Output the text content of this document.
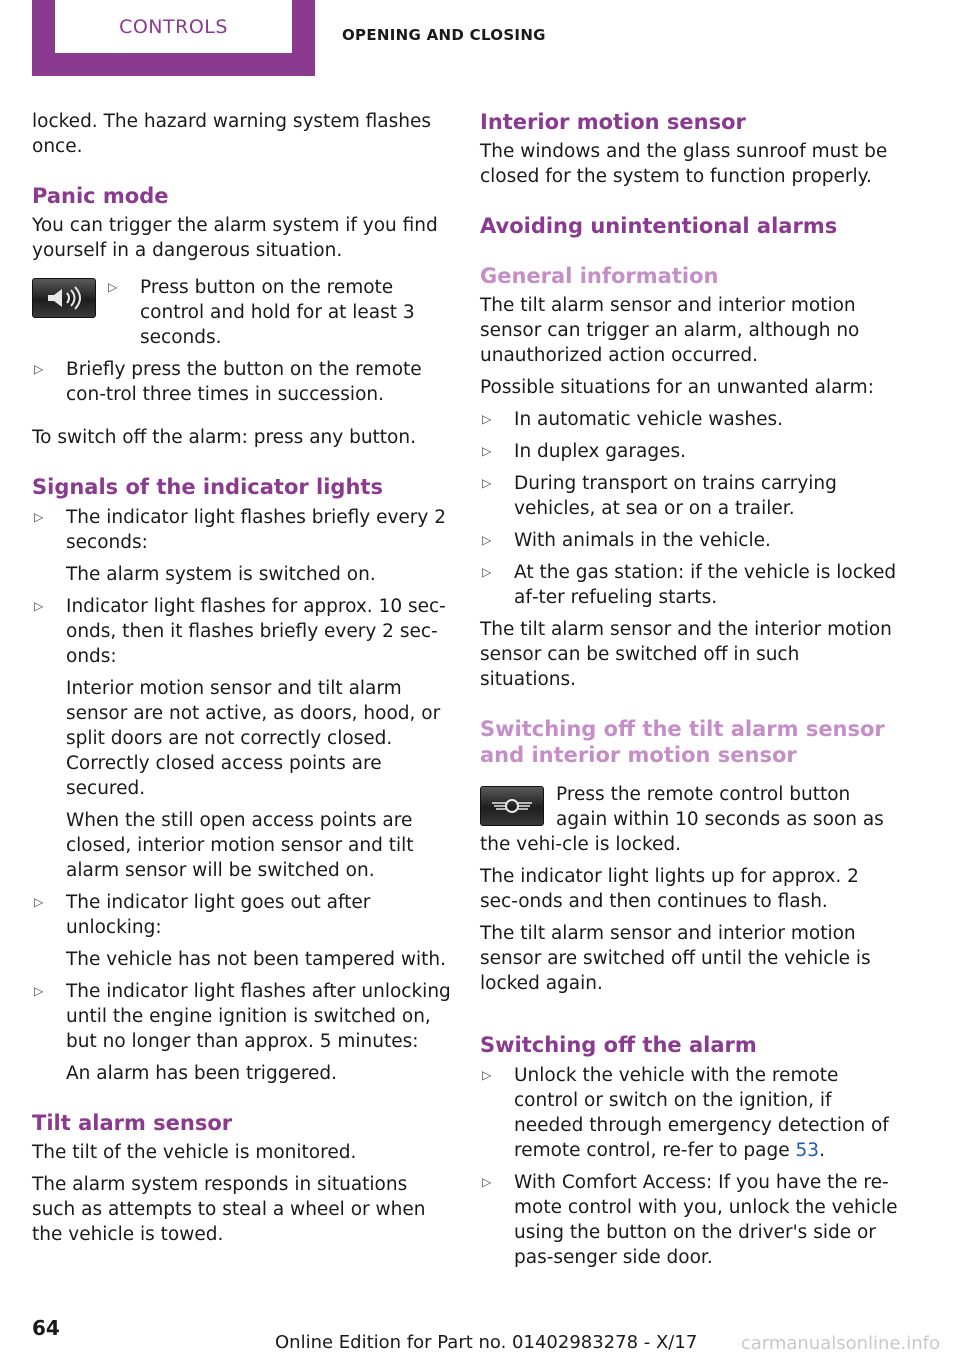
CONTROLS	OPENING AND CLOSING

locked. The hazard warning system flashes once.

Panic mode

You can trigger the alarm system if you find yourself in a dangerous situation.

▷ Press button on the remote control and hold for at least 3 seconds.

▷ Briefly press the button on the remote con‐trol three times in succession.

To switch off the alarm: press any button.

Signals of the indicator lights
▷ The indicator light flashes briefly every 2 seconds:

The alarm system is switched on.

▷ Indicator light flashes for approx. 10 sec‐onds, then it flashes briefly every 2 sec‐onds:

Interior motion sensor and tilt alarm sensor are not active, as doors, hood, or split doors are not correctly closed. Correctly closed access points are secured.

When the still open access points are closed, interior motion sensor and tilt alarm sensor will be switched on.

▷ The indicator light goes out after unlocking:

The vehicle has not been tampered with.

▷ The indicator light flashes after unlocking until the engine ignition is switched on, but no longer than approx. 5 minutes:

An alarm has been triggered.

Tilt alarm sensor

The tilt of the vehicle is monitored.

The alarm system responds in situations such as attempts to steal a wheel or when the vehicle is towed.

Interior motion sensor

The windows and the glass sunroof must be closed for the system to function properly.

Avoiding unintentional alarms
General information

The tilt alarm sensor and interior motion sensor can trigger an alarm, although no unauthorized action occurred.

Possible situations for an unwanted alarm:

▷ In automatic vehicle washes.

▷ In duplex garages.

▷ During transport on trains carrying vehicles, at sea or on a trailer.

▷ With animals in the vehicle.

▷ At the gas station: if the vehicle is locked af‐ter refueling starts.

The tilt alarm sensor and the interior motion sensor can be switched off in such situations.

Switching off the tilt alarm sensor and interior motion sensor

Press the remote control button again within 10 seconds as soon as the vehi‐cle is locked.

The indicator light lights up for approx. 2 sec‐onds and then continues to flash.

The tilt alarm sensor and interior motion sensor are switched off until the vehicle is locked again.

Switching off the alarm
▷ Unlock the vehicle with the remote control or switch on the ignition, if needed through emergency detection of remote control, re‐fer to page 53.

▷ With Comfort Access: If you have the re‐mote control with you, unlock the vehicle using the button on the driver's side or pas‐senger side door.

64
Online Edition for Part no. 01402983278 - X/17 carmanualsonline.info
